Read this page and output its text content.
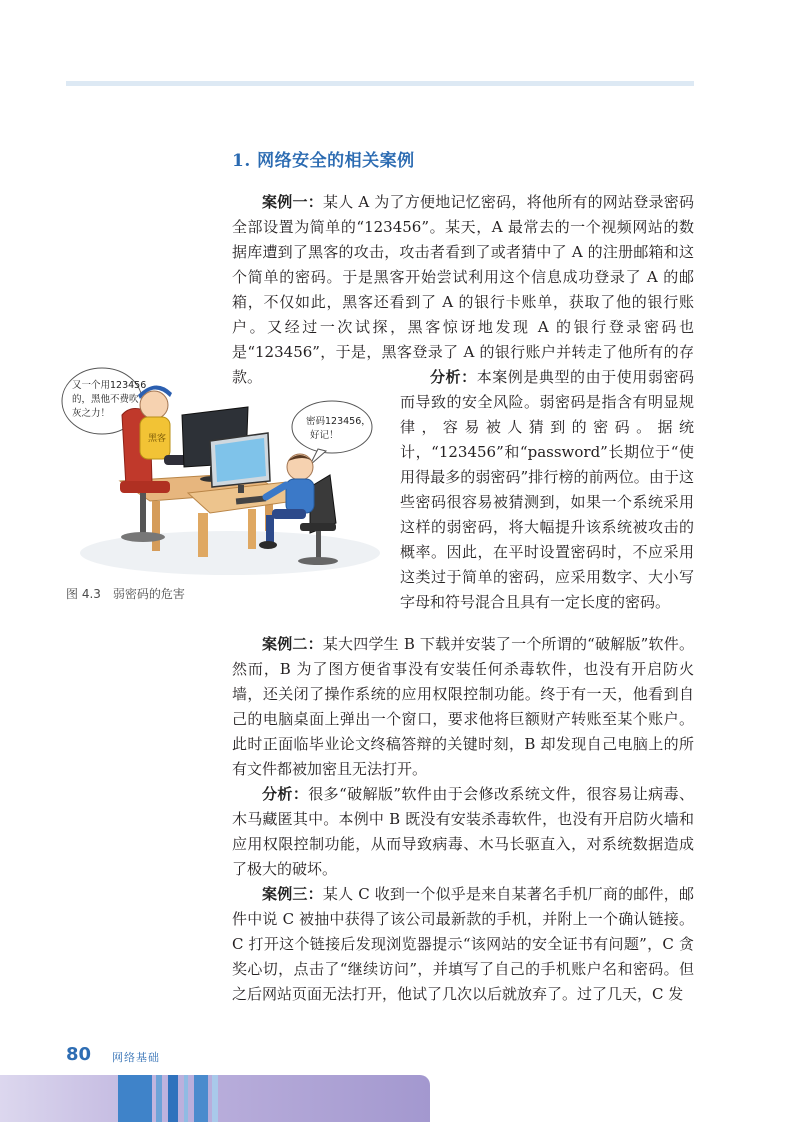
1. 网络安全的相关案例

案例一：某人 A 为了方便地记忆密码，将他所有的网站登录密码全部设置为简单的“123456”。某天，A 最常去的一个视频网站的数据库遭到了黑客的攻击，攻击者看到了或者猜中了 A 的注册邮箱和这个简单的密码。于是黑客开始尝试利用这个信息成功登录了 A 的邮箱，不仅如此，黑客还看到了 A 的银行卡账单，获取了他的银行账户。又经过一次试探，黑客惊讶地发现 A 的银行登录密码也是“123456”，于是，黑客登录了 A 的银行账户并转走了他所有的存款。

又一个用123456
的，黑他不费吹
灰之力！
密码123456，
好记！
黑客
图 4.3　弱密码的危害

分析：本案例是典型的由于使用弱密码而导致的安全风险。弱密码是指含有明显规律，容易被人猜到的密码。据统计，“123456”和“password”长期位于“使用得最多的弱密码”排行榜的前两位。由于这些密码很容易被猜测到，如果一个系统采用这样的弱密码，将大幅提升该系统被攻击的概率。因此，在平时设置密码时，不应采用这类过于简单的密码，应采用数字、大小写字母和符号混合且具有一定长度的密码。

案例二：某大四学生 B 下载并安装了一个所谓的“破解版”软件。然而，B 为了图方便省事没有安装任何杀毒软件，也没有开启防火墙，还关闭了操作系统的应用权限控制功能。终于有一天，他看到自己的电脑桌面上弹出一个窗口，要求他将巨额财产转账至某个账户。此时正面临毕业论文终稿答辩的关键时刻，B 却发现自己电脑上的所有文件都被加密且无法打开。

分析：很多“破解版”软件由于会修改系统文件，很容易让病毒、木马藏匿其中。本例中 B 既没有安装杀毒软件，也没有开启防火墙和应用权限控制功能，从而导致病毒、木马长驱直入，对系统数据造成了极大的破坏。

案例三：某人 C 收到一个似乎是来自某著名手机厂商的邮件，邮件中说 C 被抽中获得了该公司最新款的手机，并附上一个确认链接。C 打开这个链接后发现浏览器提示“该网站的安全证书有问题”，C 贪奖心切，点击了“继续访问”，并填写了自己的手机账户名和密码。但之后网站页面无法打开，他试了几次以后就放弃了。过了几天，C 发

80 网络基础
